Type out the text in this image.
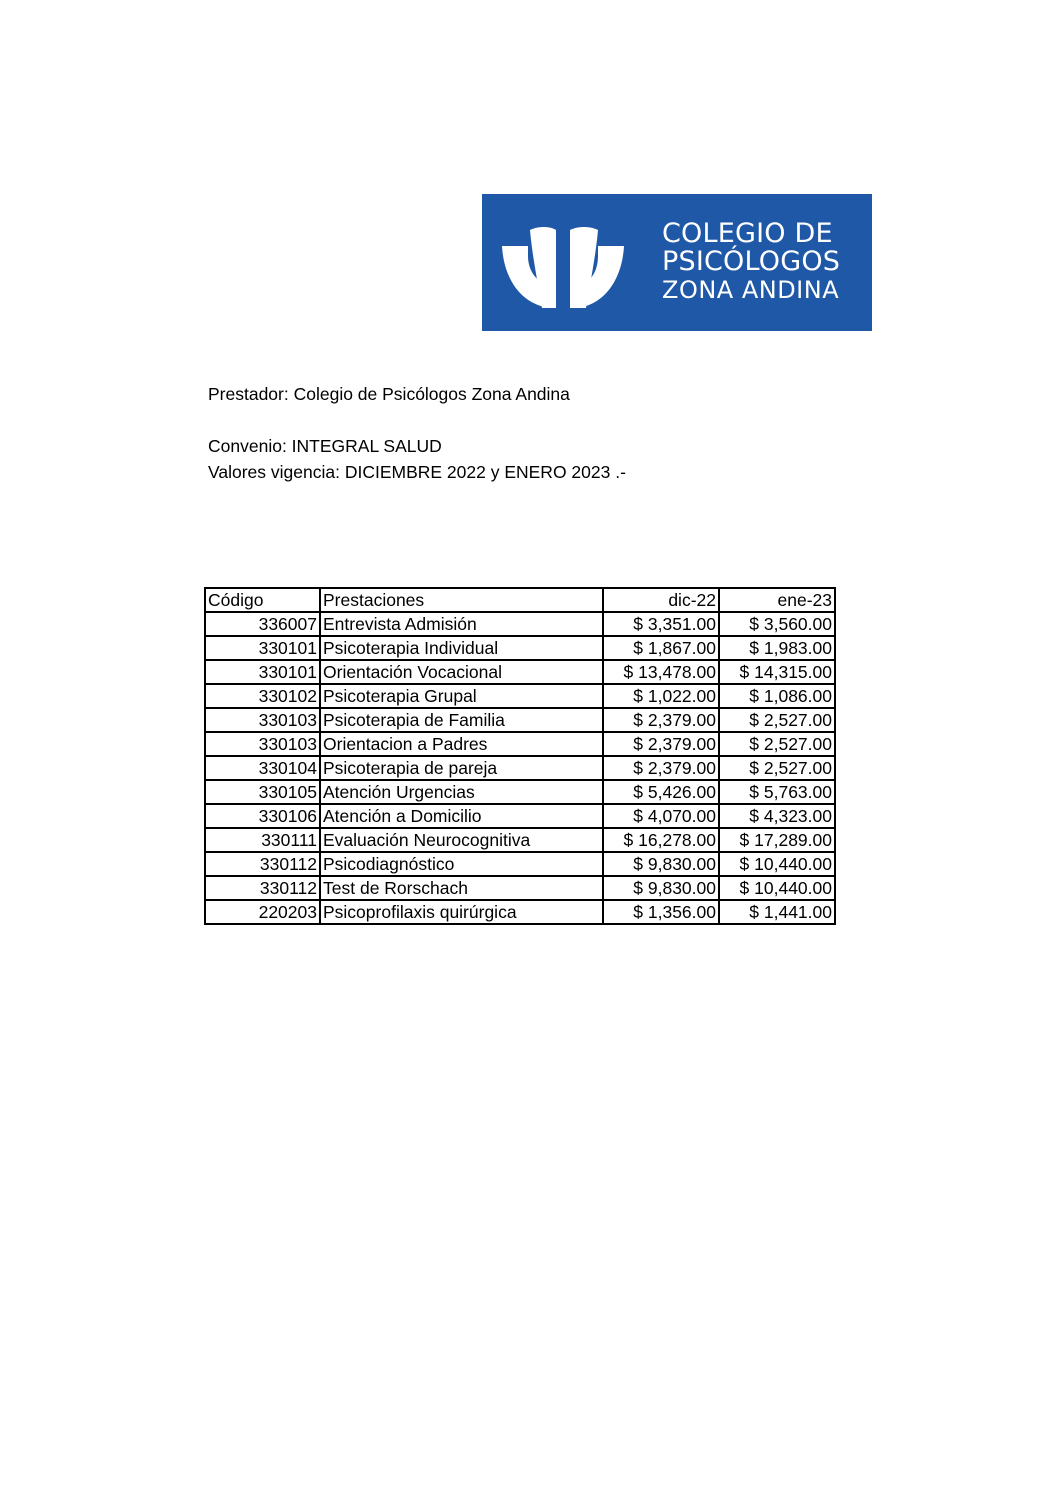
COLEGIO DE
PSICÓLOGOS
ZONA ANDINA
Prestador: Colegio de Psicólogos Zona Andina
Convenio: INTEGRAL SALUD
Valores vigencia: DICIEMBRE 2022 y ENERO 2023 .-
Código	Prestaciones	dic-22	ene-23
336007	Entrevista Admisión	$ 3,351.00	$ 3,560.00
330101	Psicoterapia Individual	$ 1,867.00	$ 1,983.00
330101	Orientación Vocacional	$ 13,478.00	$ 14,315.00
330102	Psicoterapia Grupal	$ 1,022.00	$ 1,086.00
330103	Psicoterapia de Familia	$ 2,379.00	$ 2,527.00
330103	Orientacion a Padres	$ 2,379.00	$ 2,527.00
330104	Psicoterapia de pareja	$ 2,379.00	$ 2,527.00
330105	Atención Urgencias	$ 5,426.00	$ 5,763.00
330106	Atención a Domicilio	$ 4,070.00	$ 4,323.00
330111	Evaluación Neurocognitiva	$ 16,278.00	$ 17,289.00
330112	Psicodiagnóstico	$ 9,830.00	$ 10,440.00
330112	Test de Rorschach	$ 9,830.00	$ 10,440.00
220203	Psicoprofilaxis quirúrgica	$ 1,356.00	$ 1,441.00
